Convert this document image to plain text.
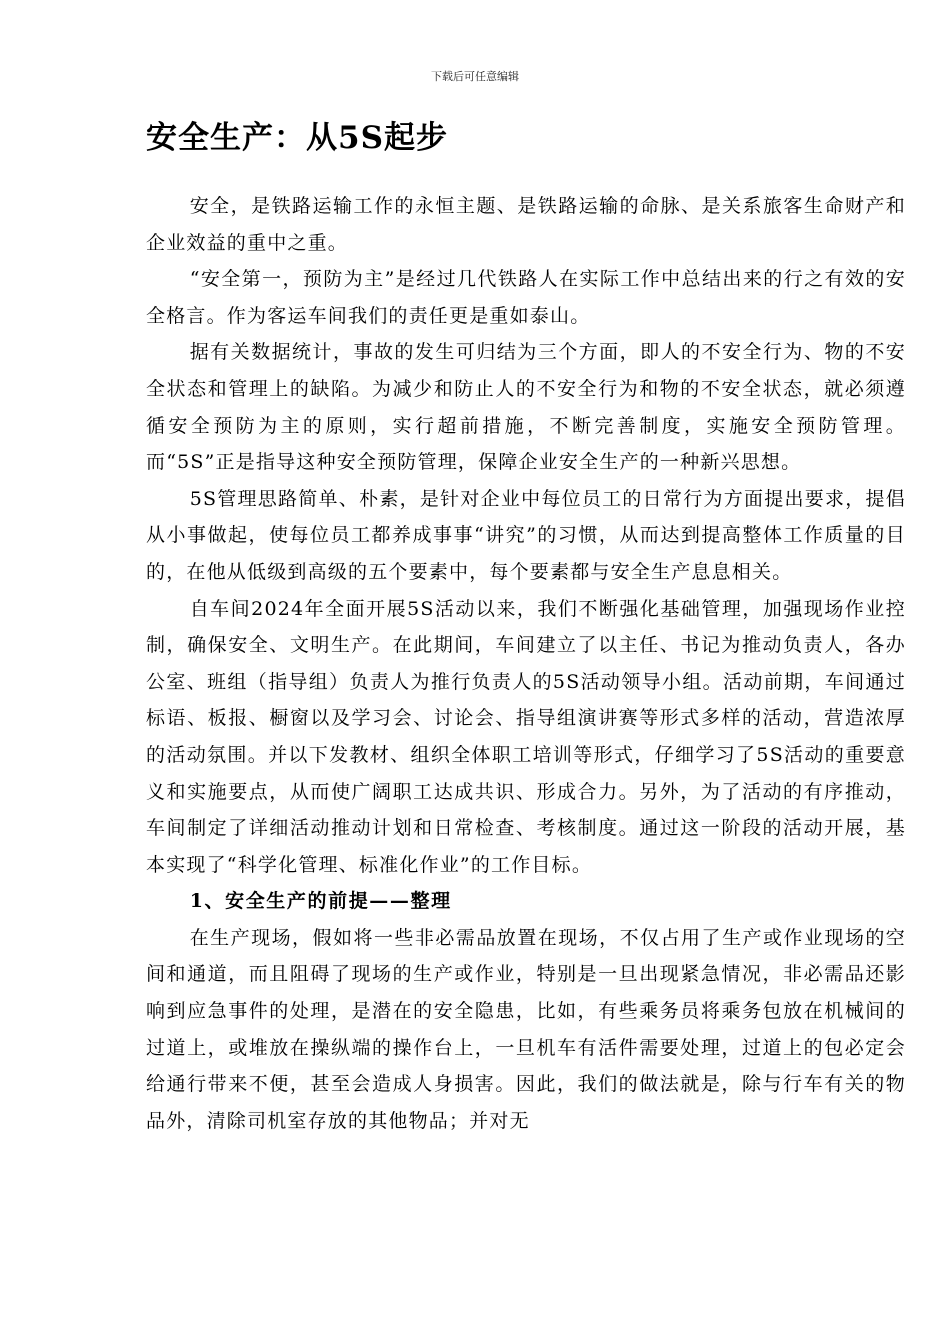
下载后可任意编辑
安全生产：从5S起步

安全，是铁路运输工作的永恒主题、是铁路运输的命脉、是关系旅客生命财产和企业效益的重中之重。

“安全第一，预防为主”是经过几代铁路人在实际工作中总结出来的行之有效的安全格言。作为客运车间我们的责任更是重如泰山。

据有关数据统计，事故的发生可归结为三个方面，即人的不安全行为、物的不安全状态和管理上的缺陷。为减少和防止人的不安全行为和物的不安全状态，就必须遵循安全预防为主的原则，实行超前措施，不断完善制度，实施安全预防管理。而“5S”正是指导这种安全预防管理，保障企业安全生产的一种新兴思想。

5S管理思路简单、朴素，是针对企业中每位员工的日常行为方面提出要求，提倡从小事做起，使每位员工都养成事事“讲究”的习惯，从而达到提高整体工作质量的目的，在他从低级到高级的五个要素中，每个要素都与安全生产息息相关。

自车间2024年全面开展5S活动以来，我们不断强化基础管理，加强现场作业控制，确保安全、文明生产。在此期间，车间建立了以主任、书记为推动负责人，各办公室、班组（指导组）负责人为推行负责人的5S活动领导小组。活动前期，车间通过标语、板报、橱窗以及学习会、讨论会、指导组演讲赛等形式多样的活动，营造浓厚的活动氛围。并以下发教材、组织全体职工培训等形式，仔细学习了5S活动的重要意义和实施要点，从而使广阔职工达成共识、形成合力。另外，为了活动的有序推动，车间制定了详细活动推动计划和日常检查、考核制度。通过这一阶段的活动开展，基本实现了“科学化管理、标准化作业”的工作目标。

1、安全生产的前提——整理

在生产现场，假如将一些非必需品放置在现场，不仅占用了生产或作业现场的空间和通道，而且阻碍了现场的生产或作业，特别是一旦出现紧急情况，非必需品还影响到应急事件的处理，是潜在的安全隐患，比如，有些乘务员将乘务包放在机械间的过道上，或堆放在操纵端的操作台上，一旦机车有活件需要处理，过道上的包必定会给通行带来不便，甚至会造成人身损害。因此，我们的做法就是，除与行车有关的物品外，清除司机室存放的其他物品；并对无
